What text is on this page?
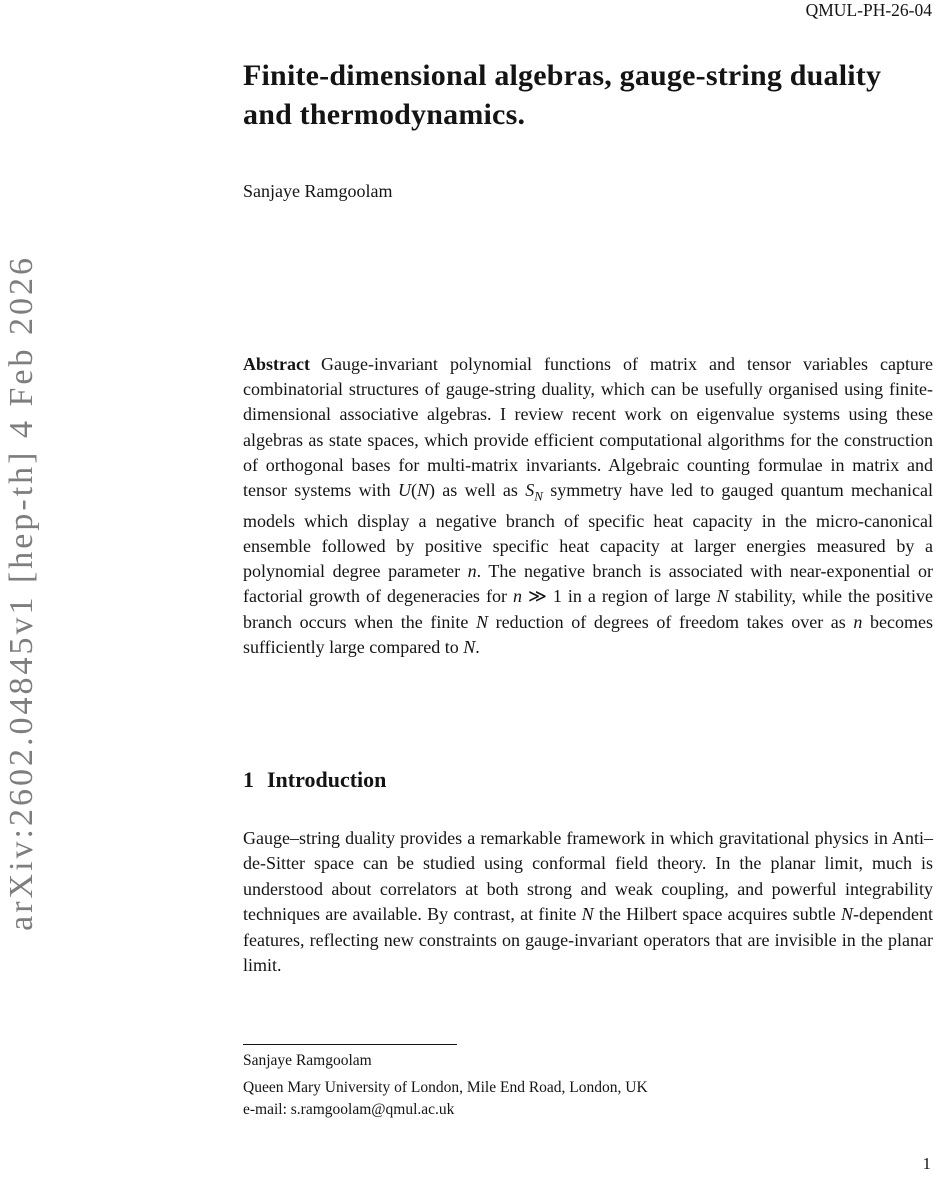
QMUL-PH-26-04
arXiv:2602.04845v1 [hep-th] 4 Feb 2026
Finite-dimensional algebras, gauge-string duality and thermodynamics.
Sanjaye Ramgoolam

Abstract Gauge-invariant polynomial functions of matrix and tensor variables capture combinatorial structures of gauge-string duality, which can be usefully organised using finite-dimensional associative algebras. I review recent work on eigenvalue systems using these algebras as state spaces, which provide efficient computational algorithms for the construction of orthogonal bases for multi-matrix invariants. Algebraic counting formulae in matrix and tensor systems with U(N) as well as $S_N$ symmetry have led to gauged quantum mechanical models which display a negative branch of specific heat capacity in the micro-canonical ensemble followed by positive specific heat capacity at larger energies measured by a polynomial degree parameter n. The negative branch is associated with near-exponential or factorial growth of degeneracies for n ≫ 1 in a region of large N stability, while the positive branch occurs when the finite N reduction of degrees of freedom takes over as n becomes sufficiently large compared to N.

1 Introduction

Gauge–string duality provides a remarkable framework in which gravitational physics in Anti–de-Sitter space can be studied using conformal field theory. In the planar limit, much is understood about correlators at both strong and weak coupling, and powerful integrability techniques are available. By contrast, at finite N the Hilbert space acquires subtle N-dependent features, reflecting new constraints on gauge-invariant operators that are invisible in the planar limit.

Sanjaye Ramgoolam
Queen Mary University of London, Mile End Road, London, UK
e-mail: s.ramgoolam@qmul.ac.uk
1
